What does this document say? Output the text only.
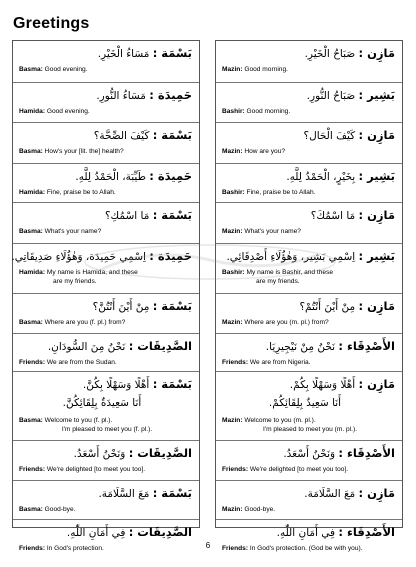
Greetings
بَسْمَة : مَسَاءُ الْخَيْرِ.
Basma: Good evening.
حَمِيدَة : مَسَاءُ النُّورِ.
Hamida: Good evening.
بَسْمَة : كَيْفَ الصِّحَّة؟
Basma: How's your [lit. the] health?
حَمِيدَة : طَيِّبَة، الْحَمْدُ لِلَّهِ.
Hamida: Fine, praise be to Allah.
بَسْمَة : مَا اسْمُكِ؟
Basma: What's your name?
حَمِيدَة : اِسْمِي حَمِيدَة، وَهٰؤُلَاءِ صَدِيقَاتِي.
Hamida: My name is Hamida, and these
are my friends.
بَسْمَة : مِنْ أَيْنَ أَنْتُنَّ؟
Basma: Where are you (f. pl.) from?
الصَّدِيقَات : نَحْنُ مِنَ السُّودَانِ.
Friends: We are from the Sudan.
بَسْمَة : أَهْلًا وَسَهْلًا بِكُنَّ.
أَنَا سَعِيدَةٌ بِلِقَائِكُنَّ.
Basma: Welcome to you (f. pl.).
I'm pleased to meet you (f. pl.).
الصَّدِيقَات : وَنَحْنُ أَسْعَدُ.
Friends: We're delighted [to meet you too].
بَسْمَة : مَعَ السَّلَامَة.
Basma: Good-bye.
الصَّدِيقَات : فِي أَمَانِ اللّٰهِ.
Friends: In God's protection.
مَازِن : صَبَاحُ الْخَيْرِ.
Mazin: Good morning.
بَشِير : صَبَاحُ النُّورِ.
Bashir: Good morning.
مَازِن : كَيْفَ الْحَال؟
Mazin: How are you?
بَشِير : بِخَيْرٍ، الْحَمْدُ لِلَّهِ.
Bashir: Fine, praise be to Allah.
مَازِن : مَا اسْمُكَ؟
Mazin: What's your name?
بَشِير : اِسْمِي بَشِير، وَهٰؤُلَاءِ أَصْدِقَائِي.
Bashir: My name is Bashir, and these
are my friends.
مَازِن : مِنْ أَيْنَ أَنْتُمْ؟
Mazin: Where are you (m. pl.) from?
الأَصْدِقَاء : نَحْنُ مِنْ نَيْجِيرِيَا.
Friends: We are from Nigeria.
مَازِن : أَهْلًا وَسَهْلًا بِكُمْ.
أَنَا سَعِيدٌ بِلِقَائِكُمْ.
Mazin: Welcome to you (m. pl.).
I'm pleased to meet you (m. pl.).
الأَصْدِقَاء : وَنَحْنُ أَسْعَدُ.
Friends: We're delighted [to meet you too].
مَازِن : مَعَ السَّلَامَة.
Mazin: Good-bye.
الأَصْدِقَاء : فِي أَمَانِ اللّٰهِ.
Friends: In God's protection. (God be with you).
6
